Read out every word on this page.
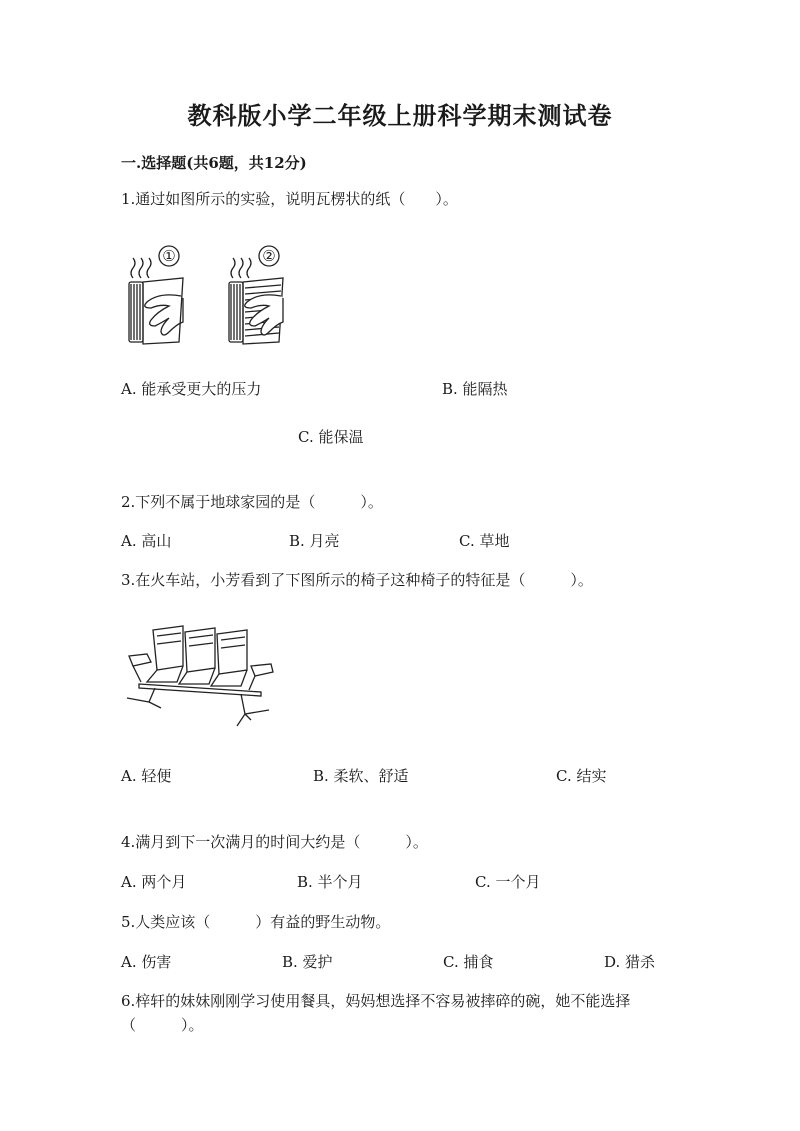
教科版小学二年级上册科学期末测试卷
一.选择题(共6题，共12分)
1.通过如图所示的实验，说明瓦楞状的纸（　　）。
①	②
A. 能承受更大的压力	B. 能隔热
C. 能保温
2.下列不属于地球家园的是（　　　）。
A. 高山	B. 月亮	C. 草地
3.在火车站，小芳看到了下图所示的椅子这种椅子的特征是（　　　）。
A. 轻便	B. 柔软、舒适	C. 结实
4.满月到下一次满月的时间大约是（　　　）。
A. 两个月	B. 半个月	C. 一个月
5.人类应该（　　　）有益的野生动物。
A. 伤害	B. 爱护	C. 捕食	D. 猎杀
6.梓轩的妹妹刚刚学习使用餐具，妈妈想选择不容易被摔碎的碗，她不能选择
（　　　）。
